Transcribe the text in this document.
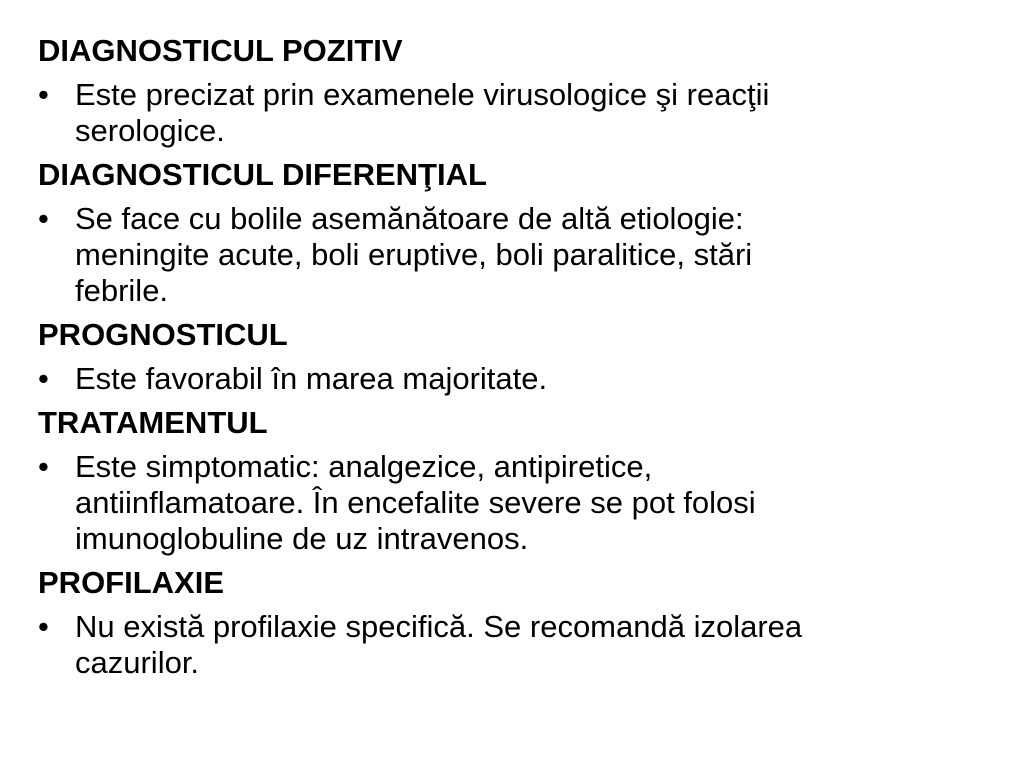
DIAGNOSTICUL POZITIV
• Este precizat prin examenele virusologice şi reacţii
serologice.
DIAGNOSTICUL DIFERENŢIAL
• Se face cu bolile asemănătoare de altă etiologie:
meningite acute, boli eruptive, boli paralitice, stări
febrile.
PROGNOSTICUL
• Este favorabil în marea majoritate.
TRATAMENTUL
• Este simptomatic: analgezice, antipiretice,
antiinflamatoare. În encefalite severe se pot folosi
imunoglobuline de uz intravenos.
PROFILAXIE
• Nu există profilaxie specifică. Se recomandă izolarea
cazurilor.
